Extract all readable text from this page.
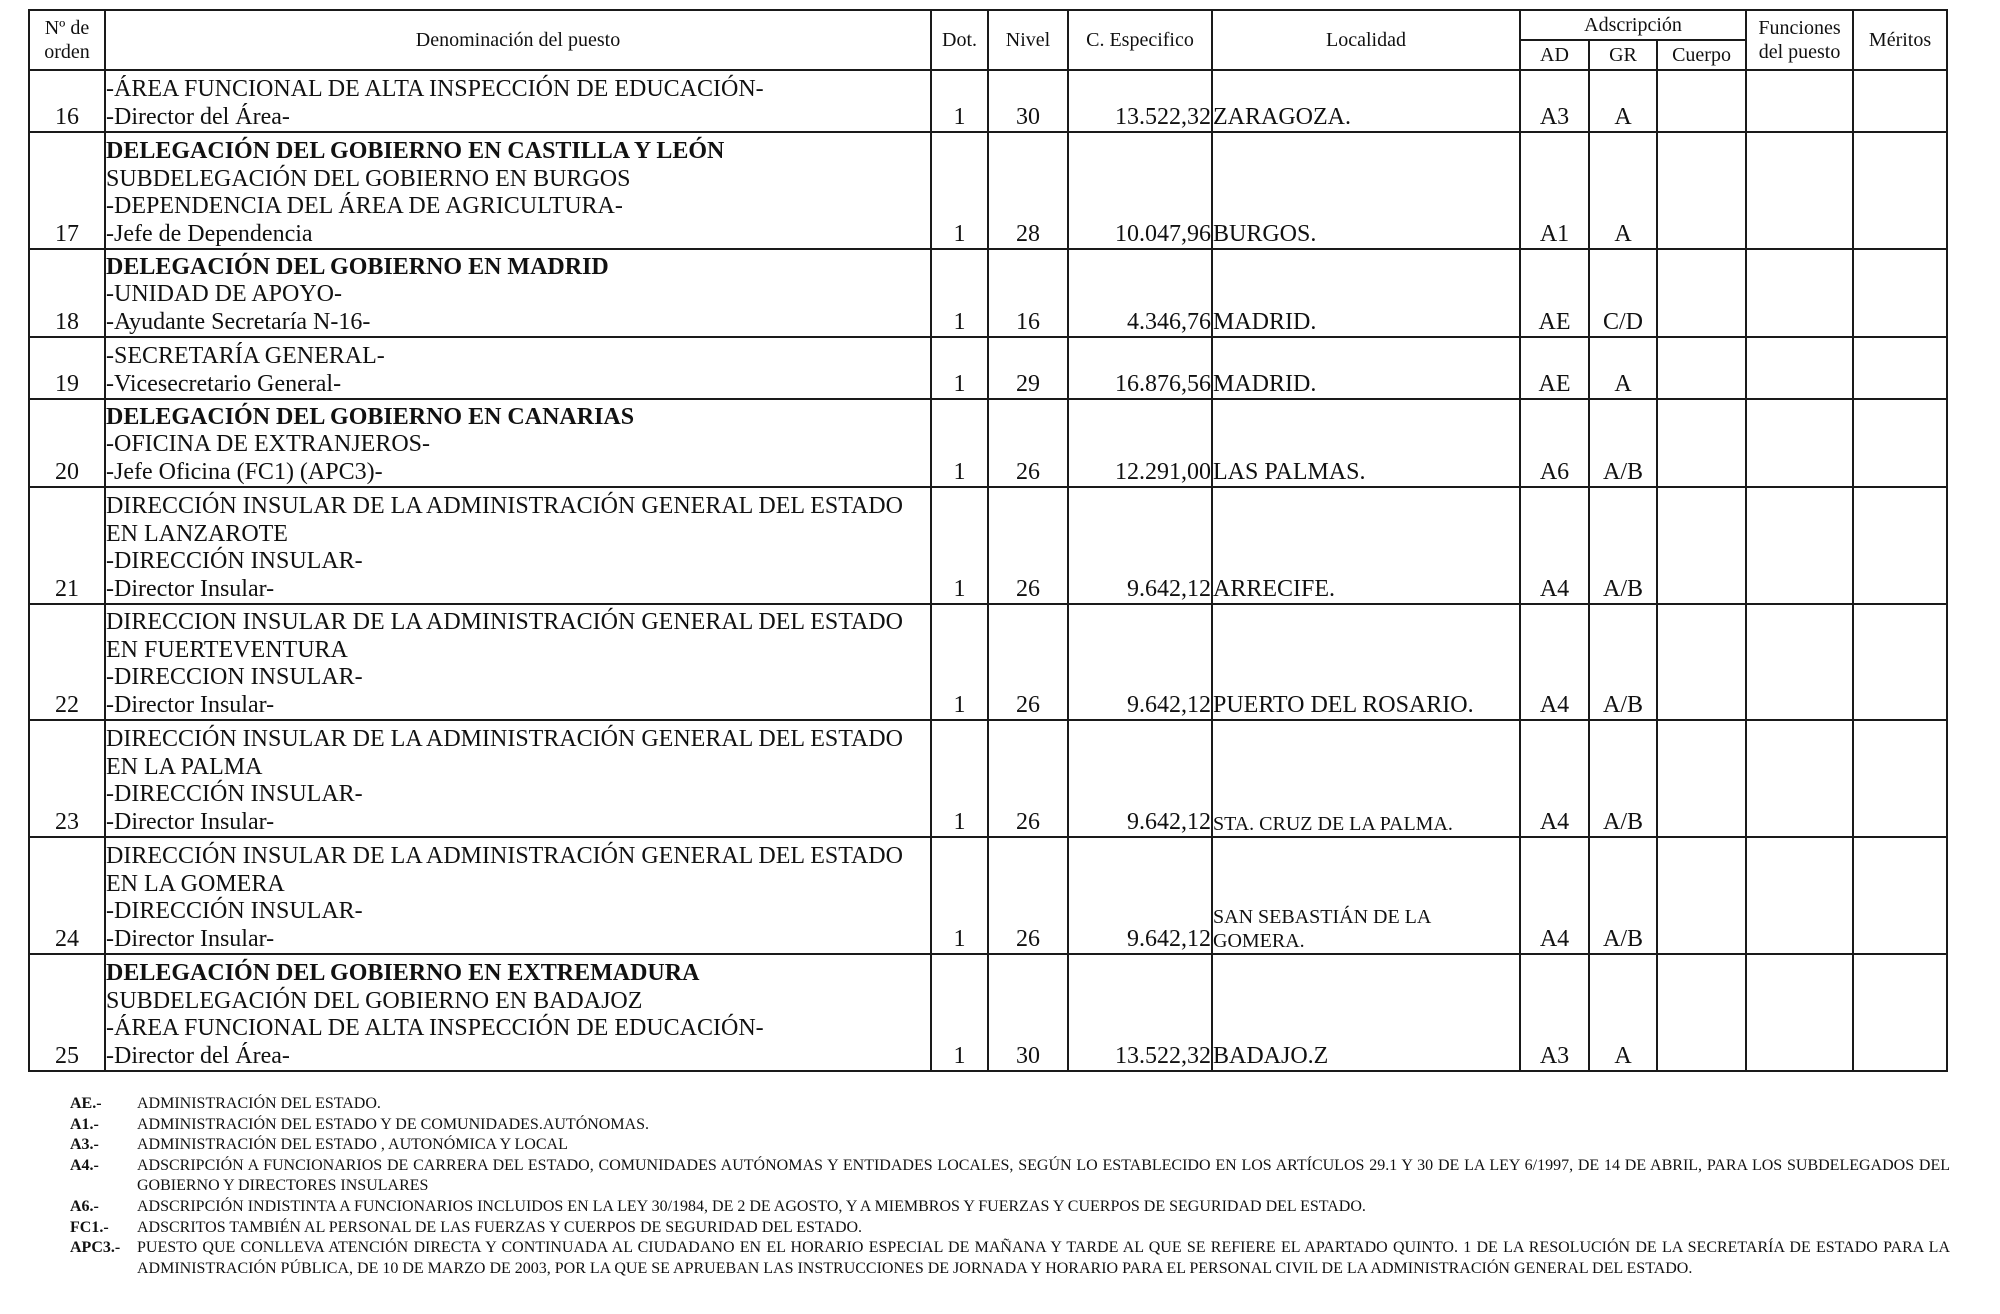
Nº de orden	Denominación del puesto	Dot.	Nivel	C. Especifico	Localidad	Adscripción			Funciones del puesto	Méritos
						AD	GR	Cuerpo		
16	-ÁREA FUNCIONAL DE ALTA INSPECCIÓN DE EDUCACIÓN-
-Director del Área-	1	30	13.522,32	ZARAGOZA.	A3	A			
17	DELEGACIÓN DEL GOBIERNO EN CASTILLA Y LEÓN
SUBDELEGACIÓN DEL GOBIERNO EN BURGOS
-DEPENDENCIA DEL ÁREA DE AGRICULTURA-
-Jefe de Dependencia	1	28	10.047,96	BURGOS.	A1	A			
18	DELEGACIÓN DEL GOBIERNO EN MADRID
-UNIDAD DE APOYO-
-Ayudante Secretaría N-16-	1	16	4.346,76	MADRID.	AE	C/D			
19	-SECRETARÍA GENERAL-
-Vicesecretario General-	1	29	16.876,56	MADRID.	AE	A			
20	DELEGACIÓN DEL GOBIERNO EN CANARIAS
-OFICINA DE EXTRANJEROS-
-Jefe Oficina (FC1) (APC3)-	1	26	12.291,00	LAS PALMAS.	A6	A/B			
21	DIRECCIÓN INSULAR DE LA ADMINISTRACIÓN GENERAL DEL ESTADO
EN LANZAROTE
-DIRECCIÓN INSULAR-
-Director Insular-	1	26	9.642,12	ARRECIFE.	A4	A/B			
22	DIRECCION INSULAR DE LA ADMINISTRACIÓN GENERAL DEL ESTADO
EN FUERTEVENTURA
-DIRECCION INSULAR-
-Director Insular-	1	26	9.642,12	PUERTO DEL ROSARIO.	A4	A/B			
23	DIRECCIÓN INSULAR DE LA ADMINISTRACIÓN GENERAL DEL ESTADO
EN LA PALMA
-DIRECCIÓN INSULAR-
-Director Insular-	1	26	9.642,12	STA. CRUZ DE LA PALMA.	A4	A/B			
24	DIRECCIÓN INSULAR DE LA ADMINISTRACIÓN GENERAL DEL ESTADO
EN LA GOMERA
-DIRECCIÓN INSULAR-
-Director Insular-	1	26	9.642,12	SAN SEBASTIÁN DE LA
GOMERA.	A4	A/B			
25	DELEGACIÓN DEL GOBIERNO EN EXTREMADURA
SUBDELEGACIÓN DEL GOBIERNO EN BADAJOZ
-ÁREA FUNCIONAL DE ALTA INSPECCIÓN DE EDUCACIÓN-
-Director del Área-	1	30	13.522,32	BADAJO.Z	A3	A			
AE.-	ADMINISTRACIÓN DEL ESTADO.
A1.-	ADMINISTRACIÓN DEL ESTADO Y DE COMUNIDADES.AUTÓNOMAS.
A3.-	ADMINISTRACIÓN DEL ESTADO , AUTONÓMICA Y LOCAL
A4.-	ADSCRIPCIÓN A FUNCIONARIOS DE CARRERA DEL ESTADO, COMUNIDADES AUTÓNOMAS Y ENTIDADES LOCALES, SEGÚN LO ESTABLECIDO EN LOS ARTÍCULOS 29.1 Y 30 DE LA LEY 6/1997, DE 14 DE ABRIL, PARA LOS SUBDELEGADOS DEL GOBIERNO Y DIRECTORES INSULARES
A6.-	ADSCRIPCIÓN INDISTINTA A FUNCIONARIOS INCLUIDOS EN LA LEY 30/1984, DE 2 DE AGOSTO, Y A MIEMBROS Y FUERZAS Y CUERPOS DE SEGURIDAD DEL ESTADO.
FC1.-	ADSCRITOS TAMBIÉN AL PERSONAL DE LAS FUERZAS Y CUERPOS DE SEGURIDAD DEL ESTADO.
APC3.-	PUESTO QUE CONLLEVA ATENCIÓN DIRECTA Y CONTINUADA AL CIUDADANO EN EL HORARIO ESPECIAL DE MAÑANA Y TARDE AL QUE SE REFIERE EL APARTADO QUINTO. 1 DE LA RESOLUCIÓN DE LA SECRETARÍA DE ESTADO PARA LA ADMINISTRACIÓN PÚBLICA, DE 10 DE MARZO DE 2003, POR LA QUE SE APRUEBAN LAS INSTRUCCIONES DE JORNADA Y HORARIO PARA EL PERSONAL CIVIL DE LA ADMINISTRACIÓN GENERAL DEL ESTADO.
